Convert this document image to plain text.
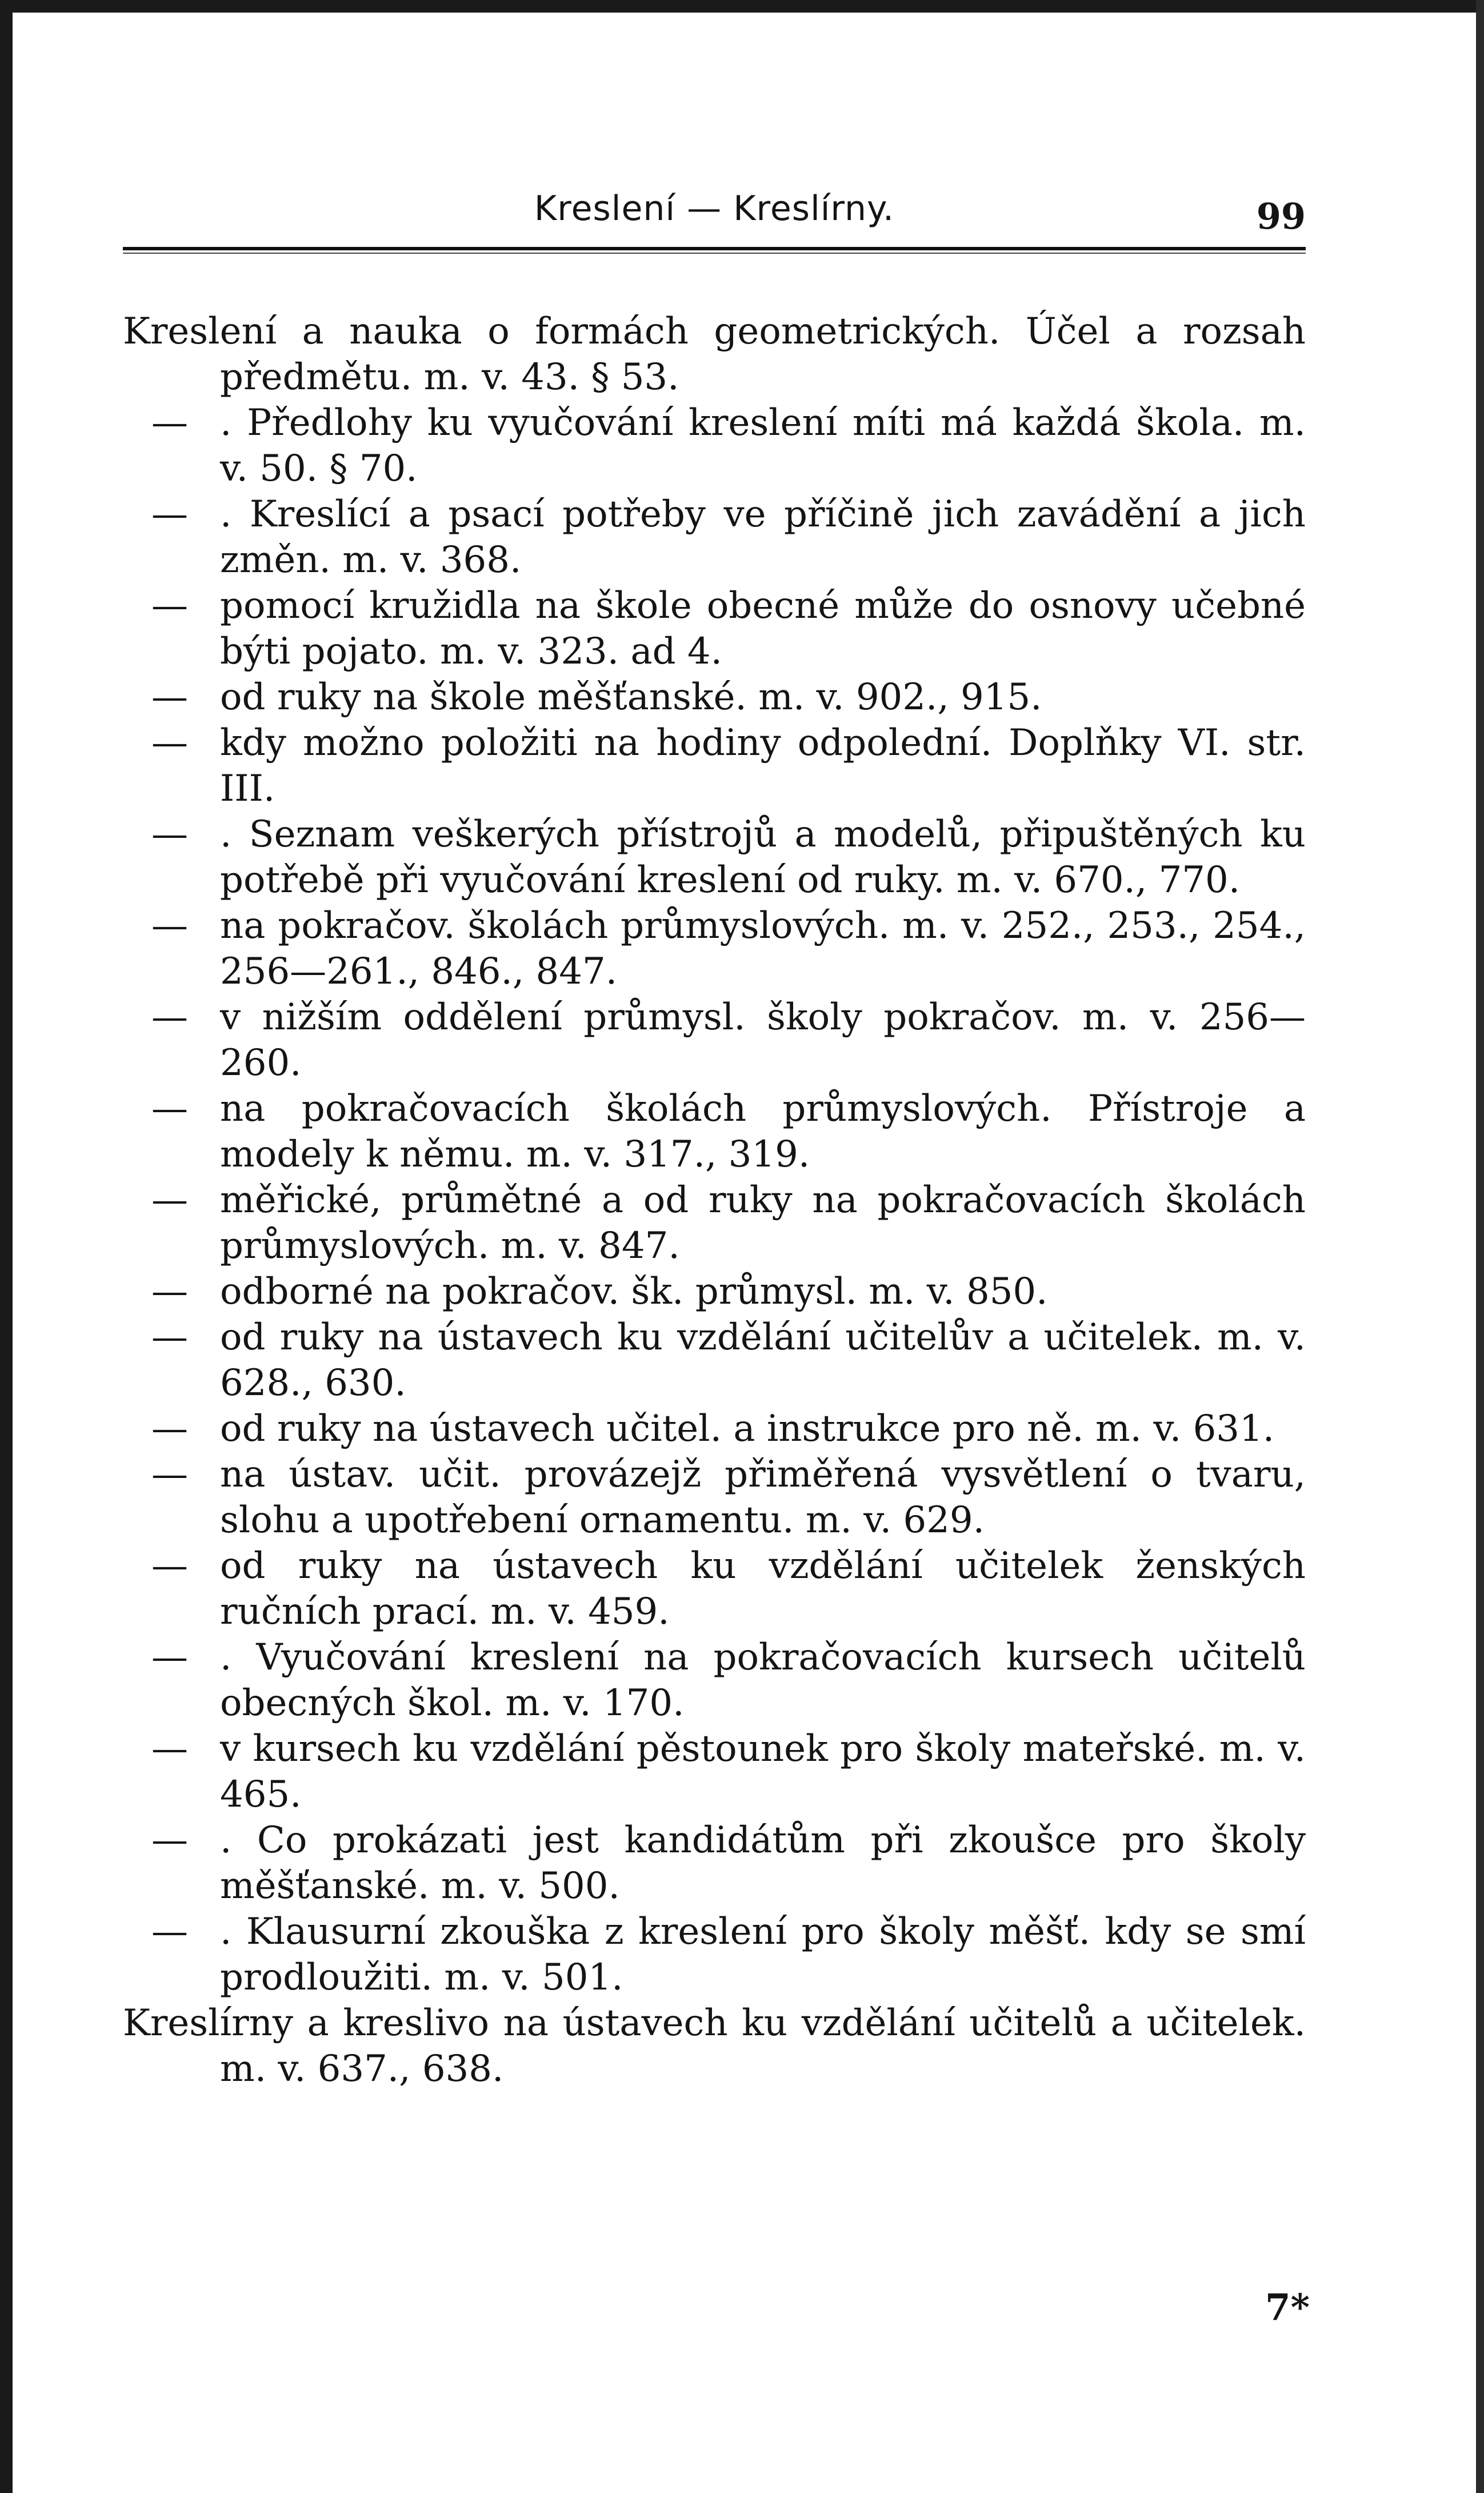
Kreslení — Kreslírny.	99

Kreslení a nauka o formách geometrických. Účel a rozsah předmětu. m. v. 43. § 53.

— . Předlohy ku vyučování kreslení míti má každá škola. m. v. 50. § 70.

— . Kreslící a psací potřeby ve příčině jich zavádění a jich změn. m. v. 368.

— pomocí kružidla na škole obecné může do osnovy učebné býti pojato. m. v. 323. ad 4.

— od ruky na škole měšťanské. m. v. 902., 915.

— kdy možno položiti na hodiny odpolední. Doplňky VI. str. III.

— . Seznam veškerých přístrojů a modelů, připuštěných ku potřebě při vyučování kreslení od ruky. m. v. 670., 770.

— na pokračov. školách průmyslových. m. v. 252., 253., 254., 256—261., 846., 847.

— v nižším oddělení průmysl. školy pokračov. m. v. 256—260.

— na pokračovacích školách průmyslových. Přístroje a modely k němu. m. v. 317., 319.

— měřické, průmětné a od ruky na pokračovacích školách průmyslových. m. v. 847.

— odborné na pokračov. šk. průmysl. m. v. 850.

— od ruky na ústavech ku vzdělání učitelův a učitelek. m. v. 628., 630.

— od ruky na ústavech učitel. a instrukce pro ně. m. v. 631.

— na ústav. učit. provázejž přiměřená vysvětlení o tvaru, slohu a upotřebení ornamentu. m. v. 629.

— od ruky na ústavech ku vzdělání učitelek ženských ručních prací. m. v. 459.

— . Vyučování kreslení na pokračovacích kursech učitelů obecných škol. m. v. 170.

— v kursech ku vzdělání pěstounek pro školy mateřské. m. v. 465.

— . Co prokázati jest kandidátům při zkoušce pro školy měšťanské. m. v. 500.

— . Klausurní zkouška z kreslení pro školy měšť. kdy se smí prodloužiti. m. v. 501.

Kreslírny a kreslivo na ústavech ku vzdělání učitelů a učitelek. m. v. 637., 638.

7*
